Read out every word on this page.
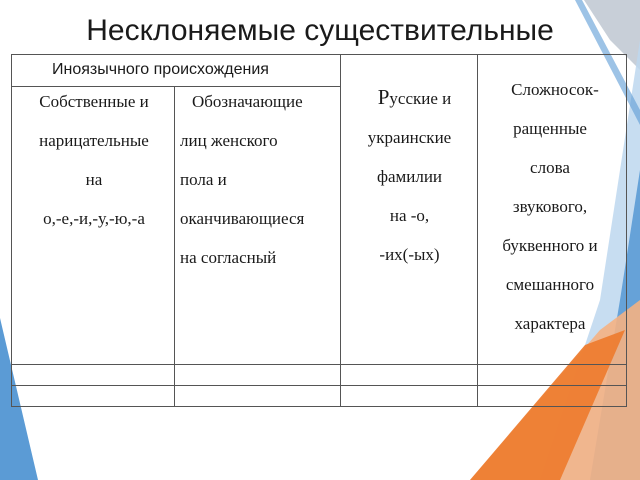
Несклоняемые существительные
Иноязычного происхождения
Собственные и
нарицательные
на
о,-е,-и,-у,-ю,-а
Обозначающие
лиц женского
пола и
оканчивающиеся
на согласный
Русские и
украинские
фамилии
на -о,
-их(-ых)
Сложносок-
ращенные
слова
звукового,
буквенного и
смешанного
характера
